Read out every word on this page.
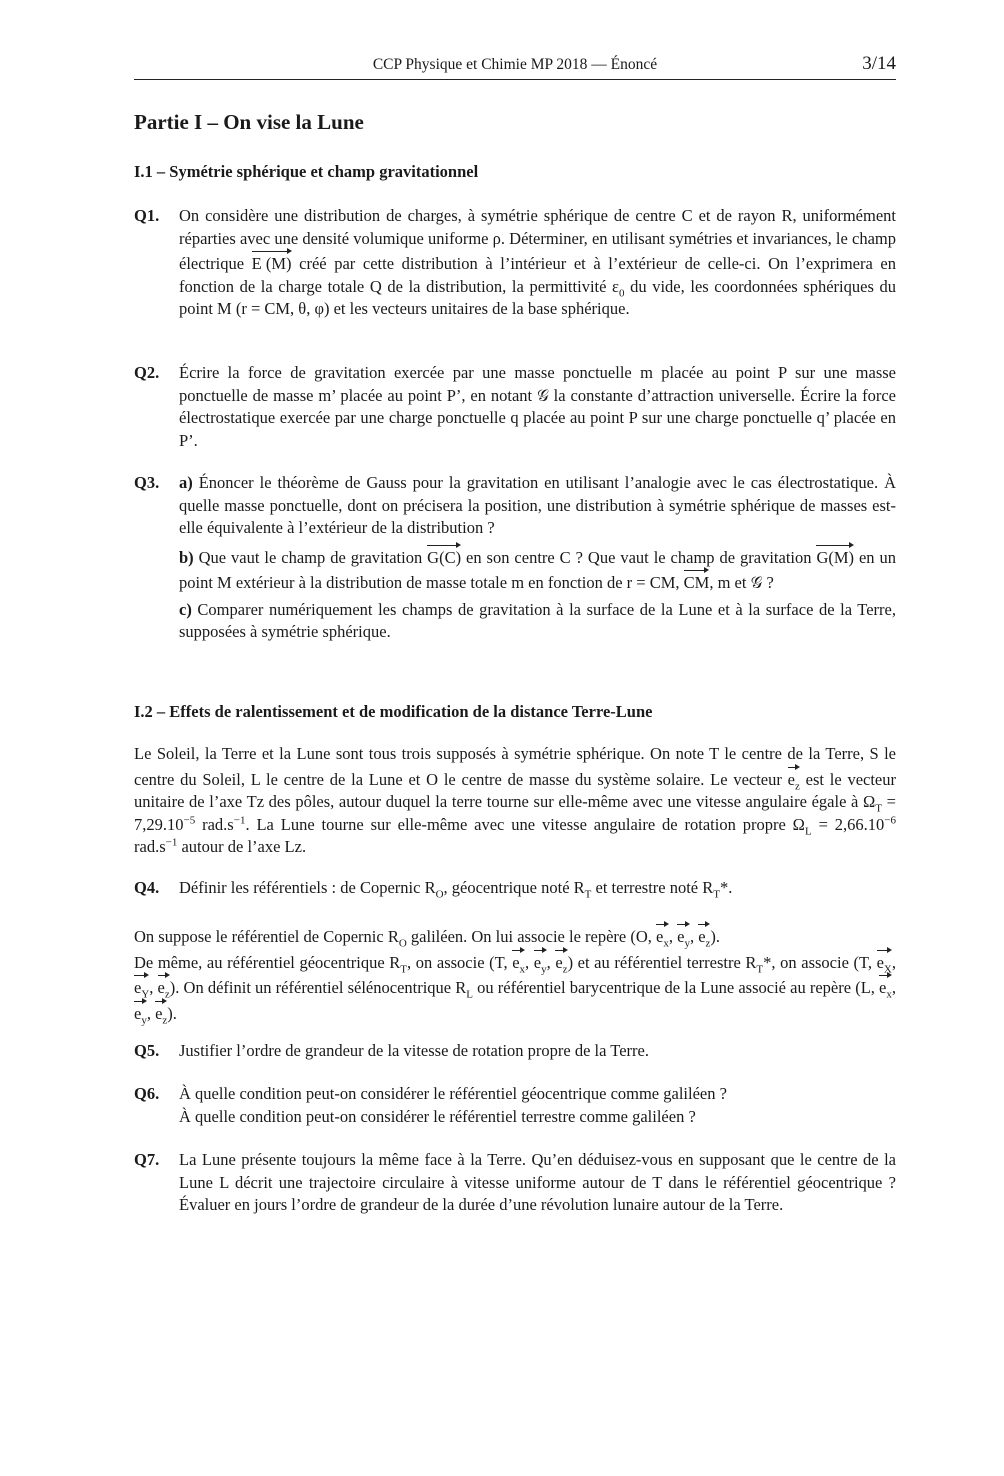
CCP Physique et Chimie MP 2018 — Énoncé	3/14
Partie I – On vise la Lune
I.1 – Symétrie sphérique et champ gravitationnel
Q1. On considère une distribution de charges, à symétrie sphérique de centre C et de rayon R, uniformément réparties avec une densité volumique uniforme ρ. Déterminer, en utilisant symétries et invariances, le champ électrique E (M) créé par cette distribution à l’intérieur et à l’extérieur de celle-ci. On l’exprimera en fonction de la charge totale Q de la distribution, la permittivité $\varepsilon_0$ du vide, les coordonnées sphériques du point M (r = CM, θ, φ) et les vecteurs unitaires de la base sphérique.

Q2. Écrire la force de gravitation exercée par une masse ponctuelle m placée au point P sur une masse ponctuelle de masse m’ placée au point P’, en notant 𝒢 la constante d’attraction universelle. Écrire la force électrostatique exercée par une charge ponctuelle q placée au point P sur une charge ponctuelle q’ placée en P’.

Q3. a) Énoncer le théorème de Gauss pour la gravitation en utilisant l’analogie avec le cas électrostatique. À quelle masse ponctuelle, dont on précisera la position, une distribution à symétrie sphérique de masses est-elle équivalente à l’extérieur de la distribution ?

b) Que vaut le champ de gravitation G(C) en son centre C ? Que vaut le champ de gravitation G(M) en un point M extérieur à la distribution de masse totale m en fonction de r = CM, CM, m et 𝒢 ?

c) Comparer numériquement les champs de gravitation à la surface de la Lune et à la surface de la Terre, supposées à symétrie sphérique.

I.2 – Effets de ralentissement et de modification de la distance Terre-Lune

Le Soleil, la Terre et la Lune sont tous trois supposés à symétrie sphérique. On note T le centre de la Terre, S le centre du Soleil, L le centre de la Lune et O le centre de masse du système solaire. Le vecteur $e_z$ est le vecteur unitaire de l’axe Tz des pôles, autour duquel la terre tourne sur elle-même avec une vitesse angulaire égale à $\Omega_T = 7,29.10^{-5}$ $rad.s^{-1}$. La Lune tourne sur elle-même avec une vitesse angulaire de rotation propre $\Omega_L = 2,66.10^{-6}$ $rad.s^{-1}$ autour de l’axe Lz.

Q4. Définir les référentiels : de Copernic $R_O$, géocentrique noté $R_T$ et terrestre noté $R_T*$.

On suppose le référentiel de Copernic $R_O$ galiléen. On lui associe le repère (O, $e_x$, $e_y$, $e_z$).

De même, au référentiel géocentrique $R_T$, on associe (T, $e_x$, $e_y$, $e_z$) et au référentiel terrestre $R_T*$, on associe (T, $e_X$, $e_Y$, $e_z$). On définit un référentiel sélénocentrique $R_L$ ou référentiel barycentrique de la Lune associé au repère (L, $e_x$, $e_y$, $e_z$).

Q5. Justifier l’ordre de grandeur de la vitesse de rotation propre de la Terre.

Q6. À quelle condition peut-on considérer le référentiel géocentrique comme galiléen ?

À quelle condition peut-on considérer le référentiel terrestre comme galiléen ?

Q7. La Lune présente toujours la même face à la Terre. Qu’en déduisez-vous en supposant que le centre de la Lune L décrit une trajectoire circulaire à vitesse uniforme autour de T dans le référentiel géocentrique ? Évaluer en jours l’ordre de grandeur de la durée d’une révolution lunaire autour de la Terre.
